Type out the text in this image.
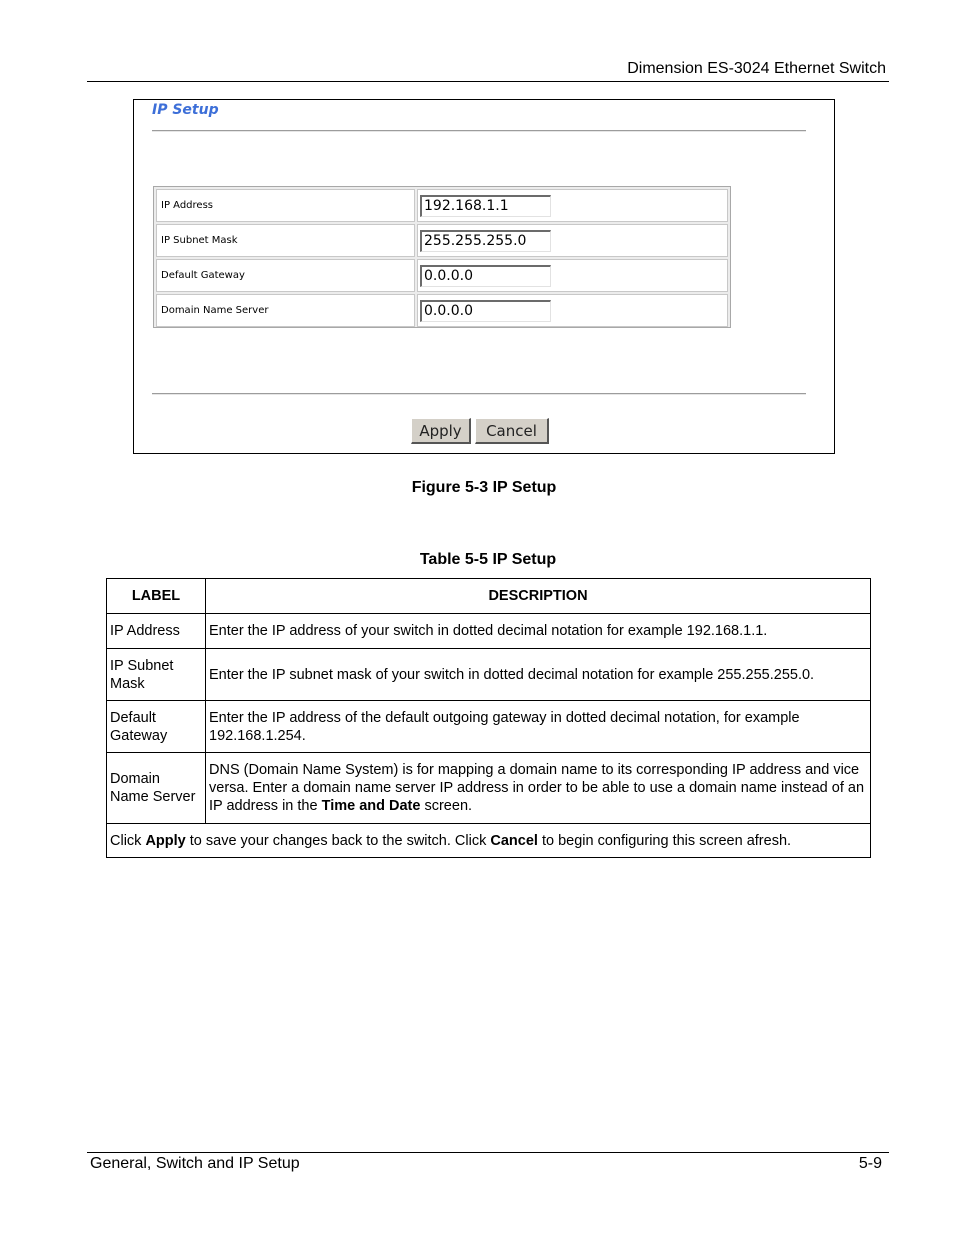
Dimension ES-3024 Ethernet Switch
IP Setup
IP Address
192.168.1.1
IP Subnet Mask
255.255.255.0
Default Gateway
0.0.0.0
Domain Name Server
0.0.0.0
Apply	Cancel
Figure 5-3 IP Setup
Table 5-5 IP Setup
LABEL	DESCRIPTION
IP Address	Enter the IP address of your switch in dotted decimal notation for example 192.168.1.1.
IP Subnet Mask	Enter the IP subnet mask of your switch in dotted decimal notation for example 255.255.255.0.
Default Gateway	Enter the IP address of the default outgoing gateway in dotted decimal notation, for example 192.168.1.254.
Domain Name Server	DNS (Domain Name System) is for mapping a domain name to its corresponding IP address and vice versa. Enter a domain name server IP address in order to be able to use a domain name instead of an IP address in the Time and Date screen.
Click Apply to save your changes back to the switch. Click Cancel to begin configuring this screen afresh.	
General, Switch and IP Setup	5-9
